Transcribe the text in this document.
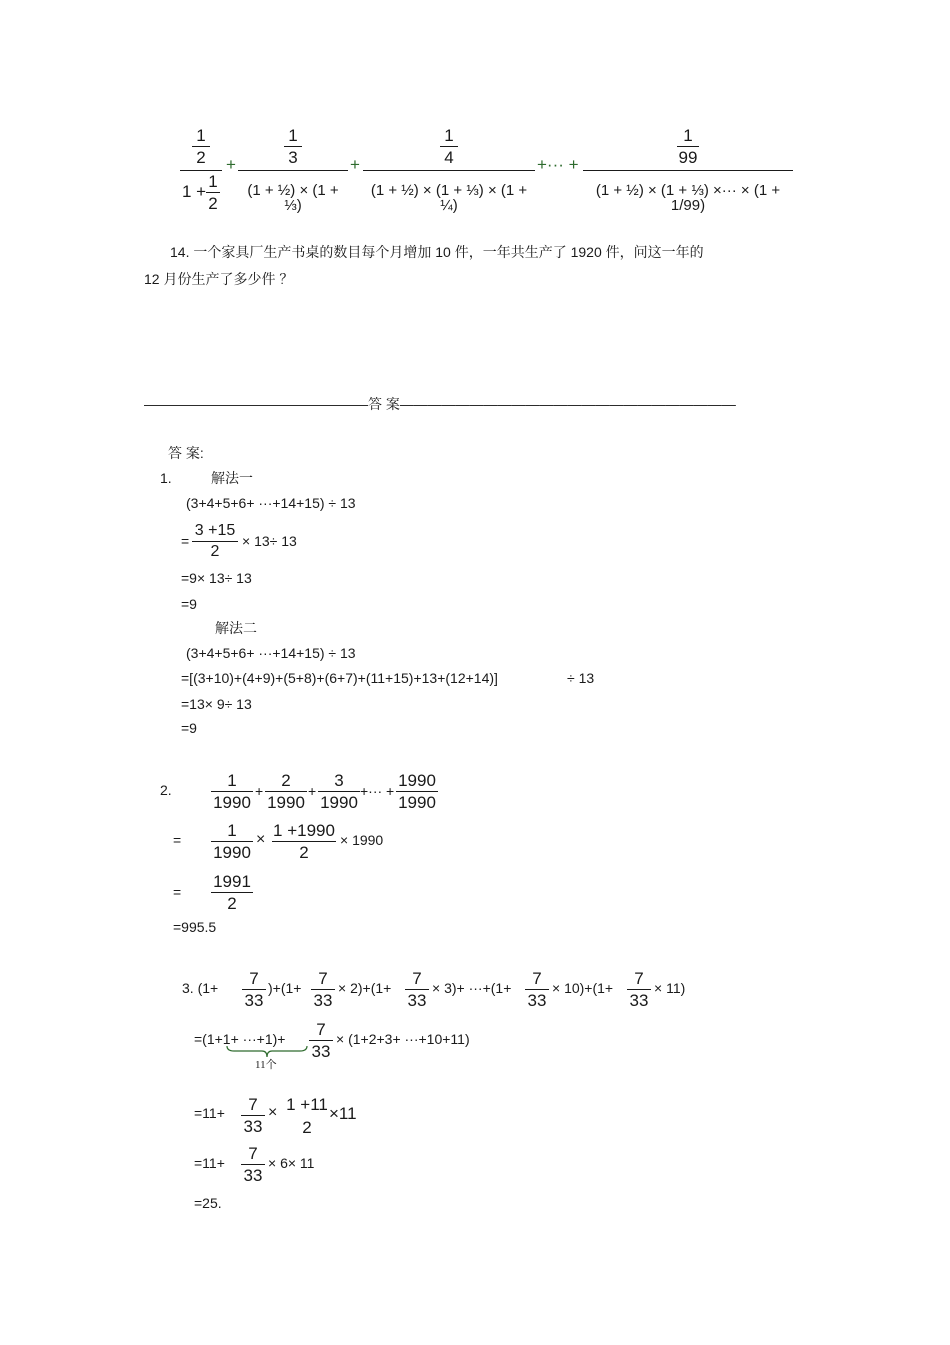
1
2
1 +
1
2
+
1
3
(1 + ½) × (1 + ⅓)
+
1
4
(1 + ½) × (1 + ⅓) × (1 + ¼)
+··· +
1
99
(1 + ½) × (1 + ⅓) ×··· × (1 + 1/99)
14. 一个家具厂生产书桌的数目每个月增加 10 件，一年共生产了 1920 件，问这一年的
12 月份生产了多少件 ？
————————————————答 案————————————————————————
答 案:
1.	解法一
(3+4+5+6+ ···+14+15) ÷ 13
=
3 +15
2
× 13÷ 13
=9× 13÷ 13
=9
解法二
(3+4+5+6+ ···+14+15) ÷ 13
=[(3+10)+(4+9)+(5+8)+(6+7)+(11+15)+13+(12+14)]	÷ 13
=13× 9÷ 13
=9
2.	1
1990
+
2
1990
+
3
1990
+··· +
1990
1990
=	1
1990
× 1 +1990
2
× 1990
=
1991
2
=995.5
3. (1+	7
33
)+(1+ 7
33
× 2)+(1+	7
33
× 3)+ ···+(1+	7
33
× 10)+(1+	7
33
× 11)
=(1+1+ ···+1)+	7
33
× (1+2+3+ ···+10+11)
11个
=11+	7
33
× 1 +11
2
×11
=11+	7
33
× 6× 11
=25.
